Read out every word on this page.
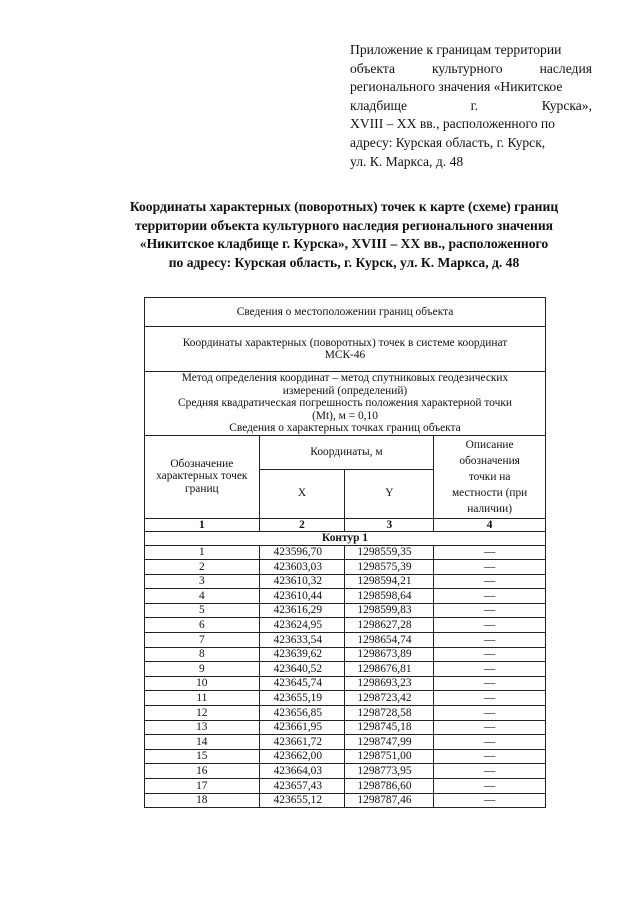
Приложение к границам территории
объекта культурного наследия
регионального значения «Никитское
кладбище г. Курска»,
XVIII – XX вв., расположенного по
адресу: Курская область, г. Курск,
ул. К. Маркса, д. 48
Координаты характерных (поворотных) точек к карте (схеме) границ
территории объекта культурного наследия регионального значения
«Никитское кладбище г. Курска», XVIII – XX вв., расположенного
по адресу: Курская область, г. Курск, ул. К. Маркса, д. 48
Сведения о местоположении границ объекта			
Координаты характерных (поворотных) точек в системе координат МСК-46			

Метод определения координат – метод спутниковых геодезических
измерений (определений)
Средняя квадратическая погрешность положения характерной точки
(Mt), м = 0,10
Сведения о характерных точках границ объекта			

Обозначение характерных точек границ	Координаты, м		Описание обозначения точки на местности (при наличии)
	X	Y	
1	2	3	4
Контур 1			
1	423596,70	1298559,35	—
2	423603,03	1298575,39	—
3	423610,32	1298594,21	—
4	423610,44	1298598,64	—
5	423616,29	1298599,83	—
6	423624,95	1298627,28	—
7	423633,54	1298654,74	—
8	423639,62	1298673,89	—
9	423640,52	1298676,81	—
10	423645,74	1298693,23	—
11	423655,19	1298723,42	—
12	423656,85	1298728,58	—
13	423661,95	1298745,18	—
14	423661,72	1298747,99	—
15	423662,00	1298751,00	—
16	423664,03	1298773,95	—
17	423657,43	1298786,60	—
18	423655,12	1298787,46	—
